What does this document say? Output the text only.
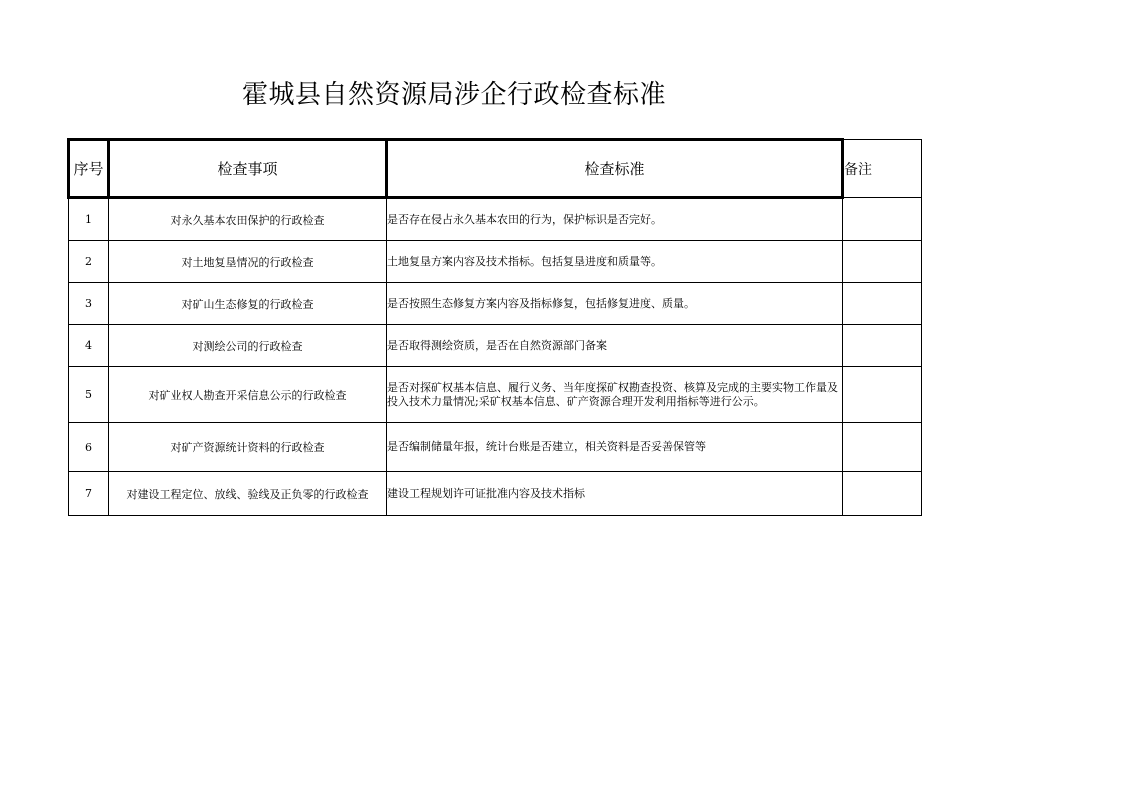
霍城县自然资源局涉企行政检查标准
序号	检查事项	检查标准	备注
1	对永久基本农田保护的行政检查	是否存在侵占永久基本农田的行为，保护标识是否完好。	
2	对土地复垦情况的行政检查	土地复垦方案内容及技术指标。包括复垦进度和质量等。	
3	对矿山生态修复的行政检查	是否按照生态修复方案内容及指标修复，包括修复进度、质量。	
4	对测绘公司的行政检查	是否取得测绘资质，是否在自然资源部门备案	
5	对矿业权人勘查开采信息公示的行政检查	是否对探矿权基本信息、履行义务、当年度探矿权勘查投资、核算及完成的主要实物工作量及投入技术力量情况;采矿权基本信息、矿产资源合理开发利用指标等进行公示。	
6	对矿产资源统计资料的行政检查	是否编制储量年报，统计台账是否建立，相关资料是否妥善保管等	
7	对建设工程定位、放线、验线及正负零的行政检查	建设工程规划许可证批准内容及技术指标	
